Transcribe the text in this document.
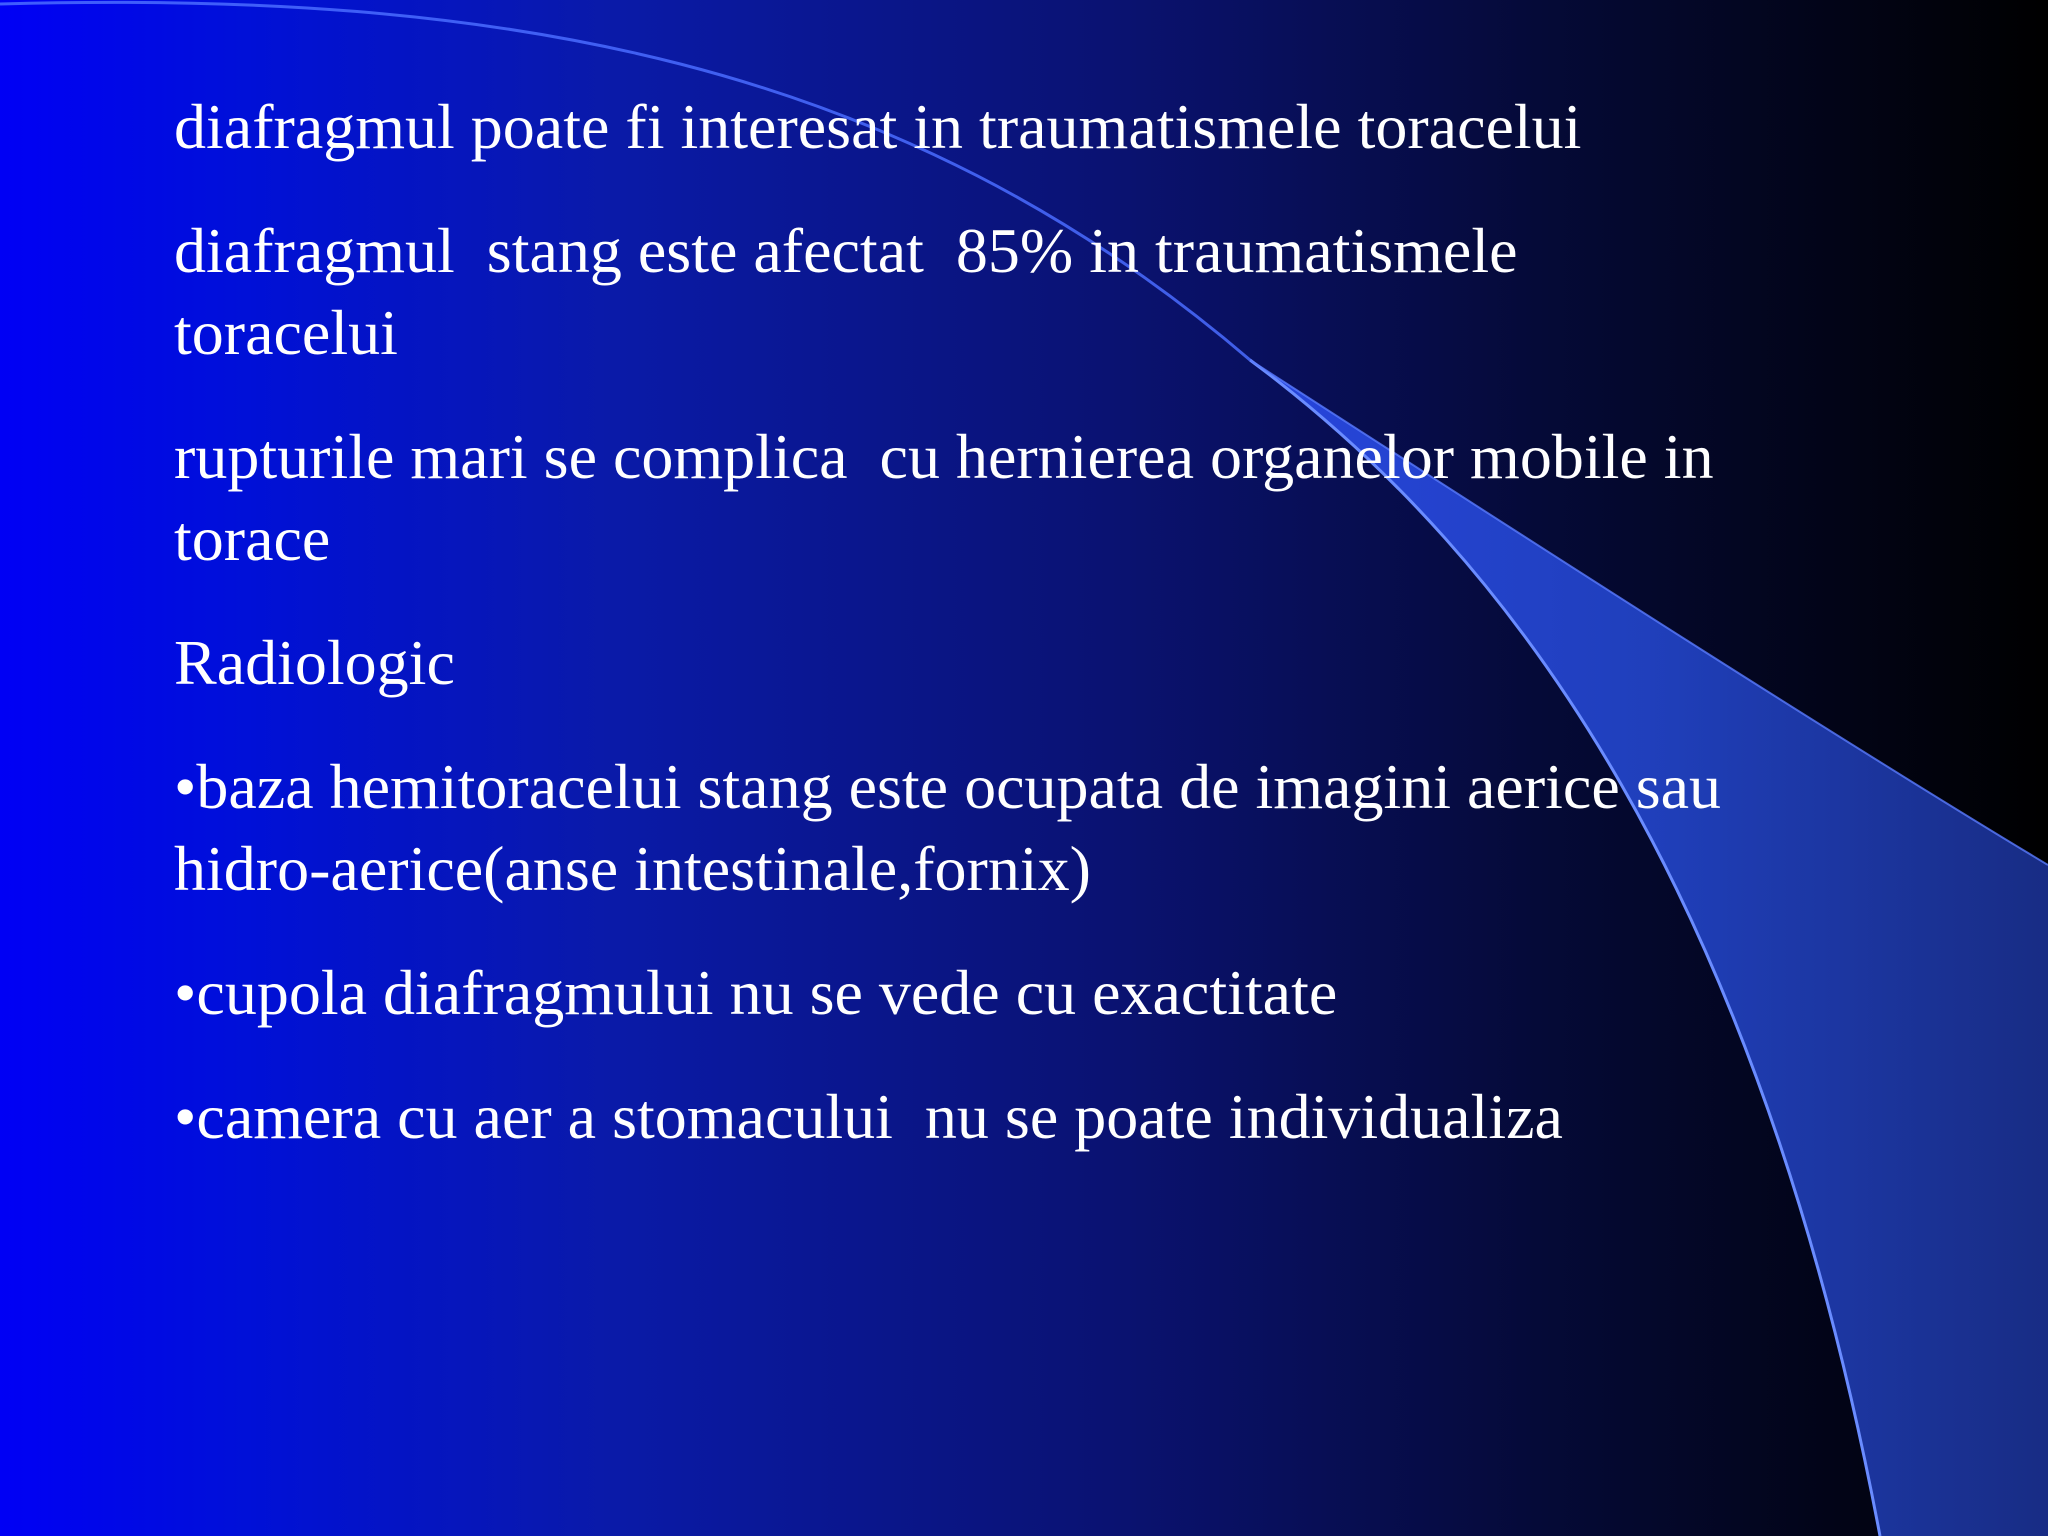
diafragmul poate fi interesat in traumatismele toracelui

diafragmul  stang este afectat  85% in traumatismele toracelui

rupturile mari se complica  cu hernierea organelor mobile in torace

Radiologic

•baza hemitoracelui stang este ocupata de imagini aerice sau hidro-aerice(anse intestinale,fornix)

•cupola diafragmului nu se vede cu exactitate

•camera cu aer a stomacului  nu se poate individualiza
